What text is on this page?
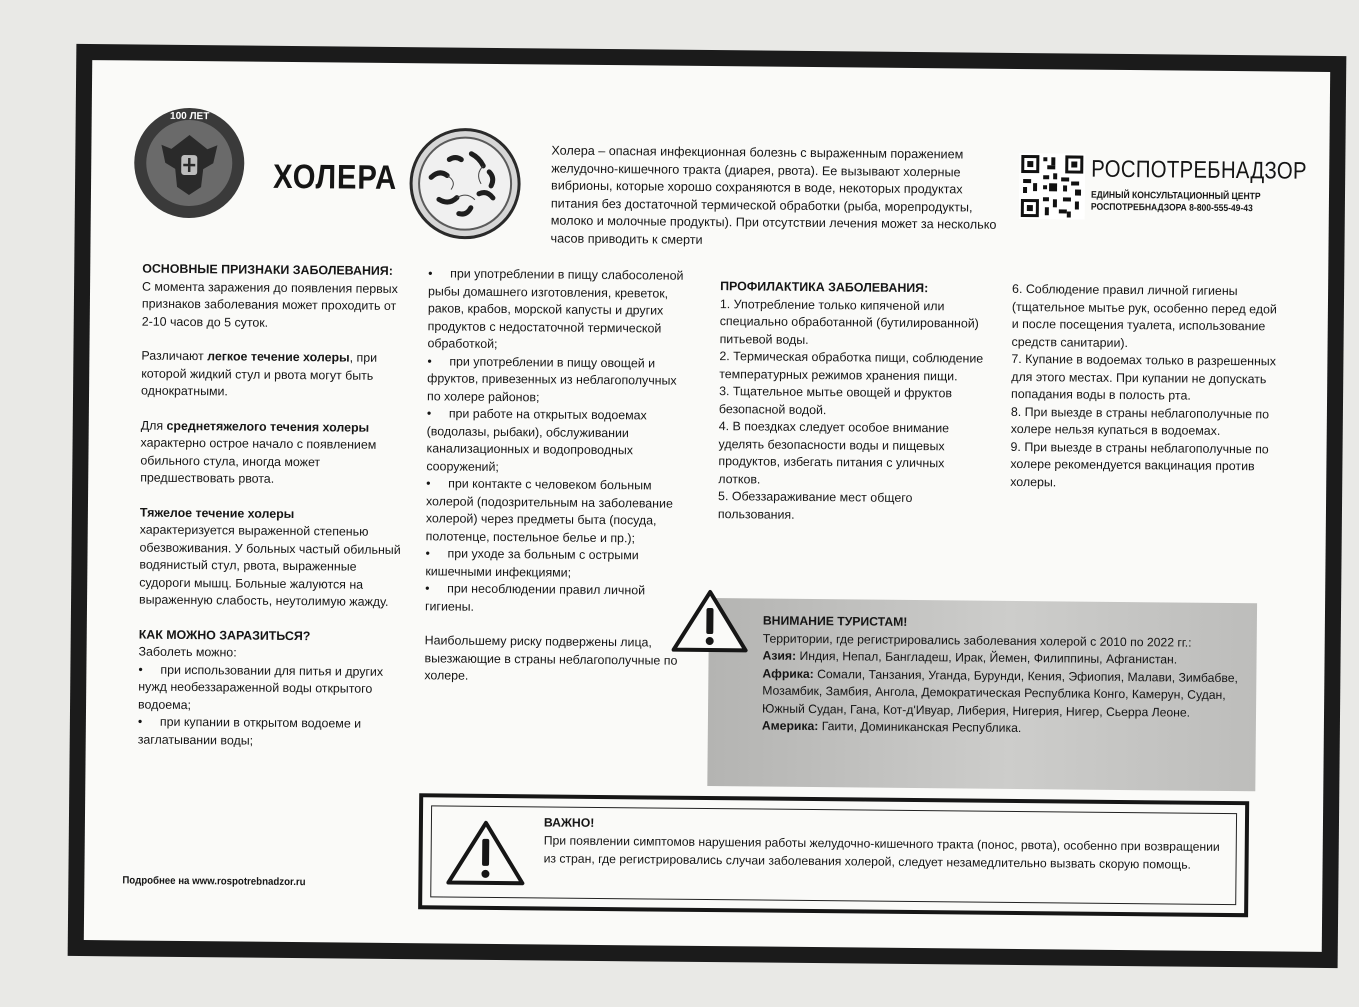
100 ЛЕТ
ХОЛЕРА

Холера – опасная инфекционная болезнь с выраженным поражением желудочно-кишечного тракта (диарея, рвота). Ее вызывают холерные вибрионы, которые хорошо сохраняются в воде, некоторых продуктах питания без достаточной термической обработки (рыба, морепродукты, молоко и молочные продукты). При отсутствии лечения может за несколько часов приводить к смерти

РОСПОТРЕБНАДЗОР
ЕДИНЫЙ КОНСУЛЬТАЦИОННЫЙ ЦЕНТР
РОСПОТРЕБНАДЗОРА 8-800-555-49-43
ОСНОВНЫЕ ПРИЗНАКИ ЗАБОЛЕВАНИЯ:

С момента заражения до появления первых признаков заболевания может проходить от 2-10 часов до 5 суток.

Различают легкое течение холеры, при которой жидкий стул и рвота могут быть однократными.

Для среднетяжелого течения холеры характерно острое начало с появлением обильного стула, иногда может предшествовать рвота.

Тяжелое течение холеры
характеризуется выраженной степенью обезвоживания. У больных частый обильный водянистый стул, рвота, выраженные судороги мышц. Больные жалуются на выраженную слабость, неутолимую жажду.

КАК МОЖНО ЗАРАЗИТЬСЯ?
Заболеть можно:
• при использовании для питья и других нужд необеззараженной воды открытого водоема;
• при купании в открытом водоеме и заглатывании воды;
• при употреблении в пищу слабосоленой рыбы домашнего изготовления, креветок, раков, крабов, морской капусты и других продуктов с недостаточной термической обработкой;
• при употреблении в пищу овощей и фруктов, привезенных из неблагополучных по холере районов;
• при работе на открытых водоемах (водолазы, рыбаки), обслуживании канализационных и водопроводных сооружений;
• при контакте с человеком больным холерой (подозрительным на заболевание холерой) через предметы быта (посуда, полотенце, постельное белье и пр.);
• при уходе за больным с острыми кишечными инфекциями;
• при несоблюдении правил личной гигиены.

Наибольшему риску подвержены лица, выезжающие в страны неблагополучные по холере.

ПРОФИЛАКТИКА ЗАБОЛЕВАНИЯ:
1. Употребление только кипяченой или специально обработанной (бутилированной) питьевой воды.
2. Термическая обработка пищи, соблюдение температурных режимов хранения пищи.
3. Тщательное мытье овощей и фруктов безопасной водой.
4. В поездках следует особое внимание уделять безопасности воды и пищевых продуктов, избегать питания с уличных лотков.
5. Обеззараживание мест общего пользования.
6. Соблюдение правил личной гигиены (тщательное мытье рук, особенно перед едой и после посещения туалета, использование средств санитарии).
7. Купание в водоемах только в разрешенных для этого местах. При купании не допускать попадания воды в полость рта.
8. При выезде в страны неблагополучные по холере нельзя купаться в водоемах.
9. При выезде в страны неблагополучные по холере рекомендуется вакцинация против холеры.

ВНИМАНИЕ ТУРИСТАМ!

Территории, где регистрировались заболевания холерой с 2010 по 2022 гг.:

Азия: Индия, Непал, Бангладеш, Ирак, Йемен, Филиппины, Афганистан.

Африка: Сомали, Танзания, Уганда, Бурунди, Кения, Эфиопия, Малави, Зимбабве, Мозамбик, Замбия, Ангола, Демократическая Республика Конго, Камерун, Судан, Южный Судан, Гана, Кот-д'Ивуар, Либерия, Нигерия, Нигер, Сьерра Леоне.

Америка: Гаити, Доминиканская Республика.

ВАЖНО!

При появлении симптомов нарушения работы желудочно-кишечного тракта (понос, рвота), особенно при возвращении из стран, где регистрировались случаи заболевания холерой, следует незамедлительно вызвать скорую помощь.

Подробнее на www.rospotrebnadzor.ru
